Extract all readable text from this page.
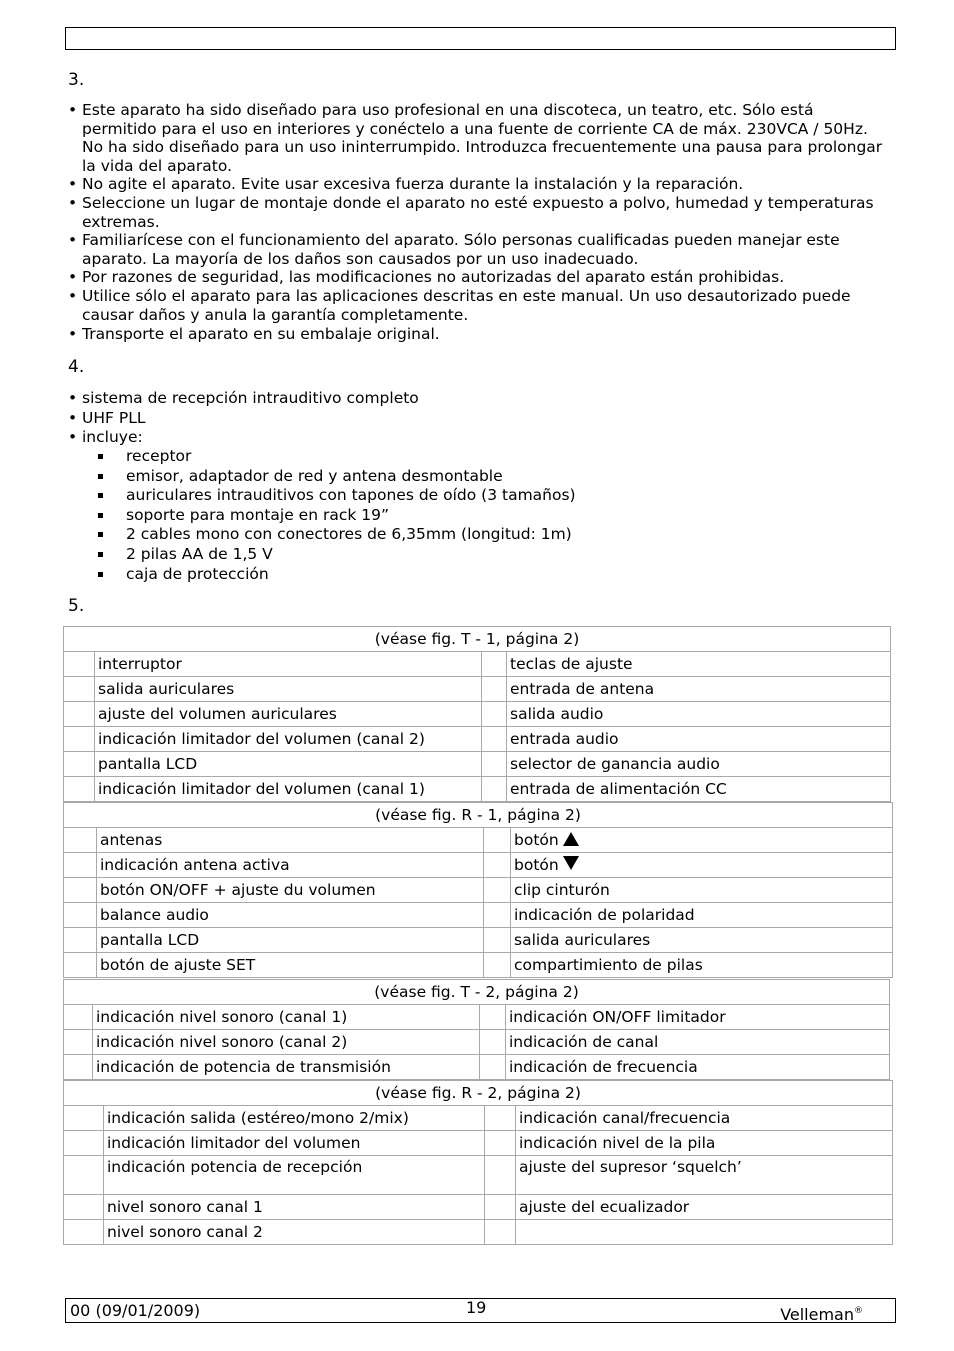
3.
• Este aparato ha sido diseñado para uso profesional en una discoteca, un teatro, etc. Sólo está permitido para el uso en interiores y conéctelo a una fuente de corriente CA de máx. 230VCA / 50Hz. No ha sido diseñado para un uso ininterrumpido. Introduzca frecuentemente una pausa para prolongar la vida del aparato.
• No agite el aparato. Evite usar excesiva fuerza durante la instalación y la reparación.
• Seleccione un lugar de montaje donde el aparato no esté expuesto a polvo, humedad y temperaturas extremas.
• Familiarícese con el funcionamiento del aparato. Sólo personas cualificadas pueden manejar este aparato. La mayoría de los daños son causados por un uso inadecuado.
• Por razones de seguridad, las modificaciones no autorizadas del aparato están prohibidas.
• Utilice sólo el aparato para las aplicaciones descritas en este manual. Un uso desautorizado puede causar daños y anula la garantía completamente.
• Transporte el aparato en su embalaje original.
4.
• sistema de recepción intrauditivo completo
• UHF PLL
• incluye:
receptor
emisor, adaptador de red y antena desmontable
auriculares intrauditivos con tapones de oído (3 tamaños)
soporte para montaje en rack 19”
2 cables mono con conectores de 6,35mm (longitud: 1m)
2 pilas AA de 1,5 V
caja de protección
5.
(véase fig. T - 1, página 2)			
	interruptor		teclas de ajuste
	salida auriculares		entrada de antena
	ajuste del volumen auriculares		salida audio
	indicación limitador del volumen (canal 2)		entrada audio
	pantalla LCD		selector de ganancia audio
	indicación limitador del volumen (canal 1)		entrada de alimentación CC
(véase fig. R - 1, página 2)			
	antenas		botón
	indicación antena activa		botón
	botón ON/OFF + ajuste du volumen		clip cinturón
	balance audio		indicación de polaridad
	pantalla LCD		salida auriculares
	botón de ajuste SET		compartimiento de pilas
(véase fig. T - 2, página 2)			
	indicación nivel sonoro (canal 1)		indicación ON/OFF limitador
	indicación nivel sonoro (canal 2)		indicación de canal
	indicación de potencia de transmisión		indicación de frecuencia
(véase fig. R - 2, página 2)			
	indicación salida (estéreo/mono 2/mix)		indicación canal/frecuencia
	indicación limitador del volumen		indicación nivel de la pila
	indicación potencia de recepción		ajuste del supresor ‘squelch’
	nivel sonoro canal 1		ajuste del ecualizador
	nivel sonoro canal 2		
00 (09/01/2009)	19	Velleman®
